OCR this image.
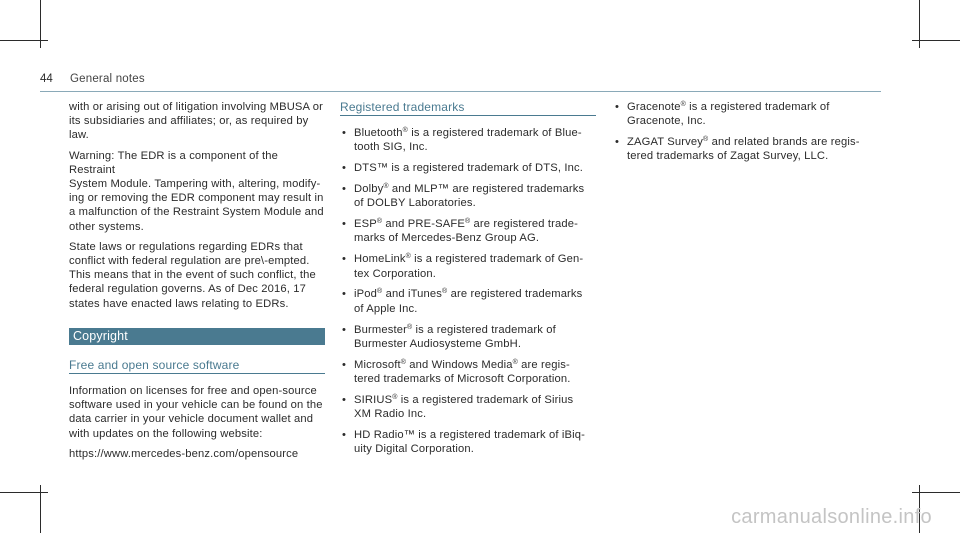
44 General notes

with or arising out of litigation involving MBUSA or
its subsidiaries and affiliates; or, as required by
law.

Warning: The EDR is a component of the Restraint
System Module. Tampering with, altering, modify-
ing or removing the EDR component may result in
a malfunction of the Restraint System Module and
other systems.

State laws or regulations regarding EDRs that
conflict with federal regulation are pre\-empted.
This means that in the event of such conflict, the
federal regulation governs. As of Dec 2016, 17
states have enacted laws relating to EDRs.

Copyright
Free and open source software

Information on licenses for free and open-source
software used in your vehicle can be found on the
data carrier in your vehicle document wallet and
with updates on the following website:

https://www.mercedes-benz.com/opensource

Registered trademarks
• Bluetooth® is a registered trademark of Blue-
tooth SIG, Inc.
• DTS™ is a registered trademark of DTS, Inc.
• Dolby® and MLP™ are registered trademarks
of DOLBY Laboratories.
• ESP® and PRE-SAFE® are registered trade-
marks of Mercedes-Benz Group AG.
• HomeLink® is a registered trademark of Gen-
tex Corporation.
• iPod® and iTunes® are registered trademarks
of Apple Inc.
• Burmester® is a registered trademark of
Burmester Audiosysteme GmbH.
• Microsoft® and Windows Media® are regis-
tered trademarks of Microsoft Corporation.
• SIRIUS® is a registered trademark of Sirius
XM Radio Inc.
• HD Radio™ is a registered trademark of iBiq-
uity Digital Corporation.
• Gracenote® is a registered trademark of
Gracenote, Inc.
• ZAGAT Survey® and related brands are regis-
tered trademarks of Zagat Survey, LLC.
carmanualsonline.info
